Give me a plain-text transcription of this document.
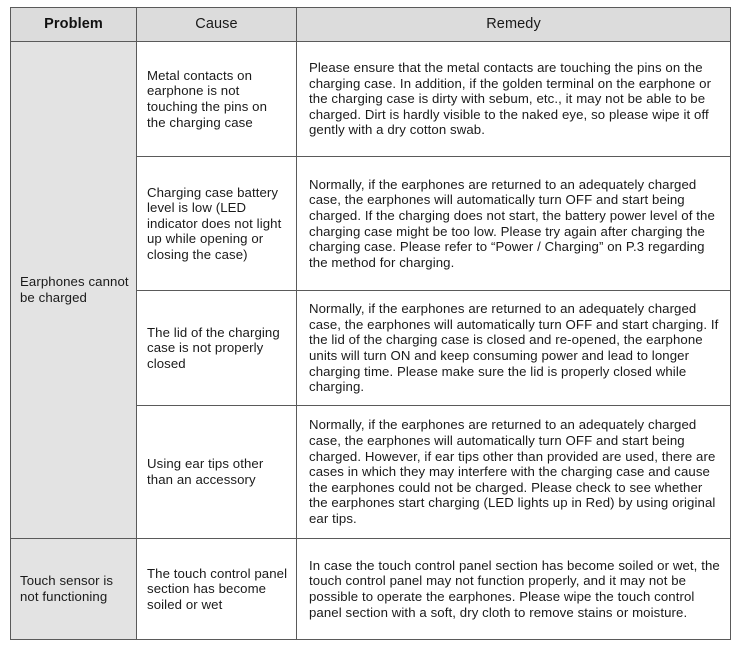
Problem	Cause	Remedy
Earphones cannot be charged	Metal contacts on earphone is not touching the pins on the charging case	Please ensure that the metal contacts are touching the pins on the charging case. In addition, if the golden terminal on the earphone or the charging case is dirty with sebum, etc., it may not be able to be charged. Dirt is hardly visible to the naked eye, so please wipe it off gently with a dry cotton swab.
	Charging case battery level is low (LED indicator does not light up while opening or closing the case)	Normally, if the earphones are returned to an adequately charged case, the earphones will automatically turn OFF and start being charged. If the charging does not start, the battery power level of the charging case might be too low. Please try again after charging the charging case. Please refer to “Power / Charging” on P.3 regarding the method for charging.
	The lid of the charging case is not properly closed	Normally, if the earphones are returned to an adequately charged case, the earphones will automatically turn OFF and start charging. If the lid of the charging case is closed and re-opened, the earphone units will turn ON and keep consuming power and lead to longer charging time. Please make sure the lid is properly closed while charging.
	Using ear tips other than an accessory	Normally, if the earphones are returned to an adequately charged case, the earphones will automatically turn OFF and start being charged. However, if ear tips other than provided are used, there are cases in which they may interfere with the charging case and cause the earphones could not be charged. Please check to see whether the earphones start charging (LED lights up in Red) by using original ear tips.
Touch sensor is not functioning	The touch control panel section has become soiled or wet	In case the touch control panel section has become soiled or wet, the touch control panel may not function properly, and it may not be possible to operate the earphones. Please wipe the touch control panel section with a soft, dry cloth to remove stains or moisture.
